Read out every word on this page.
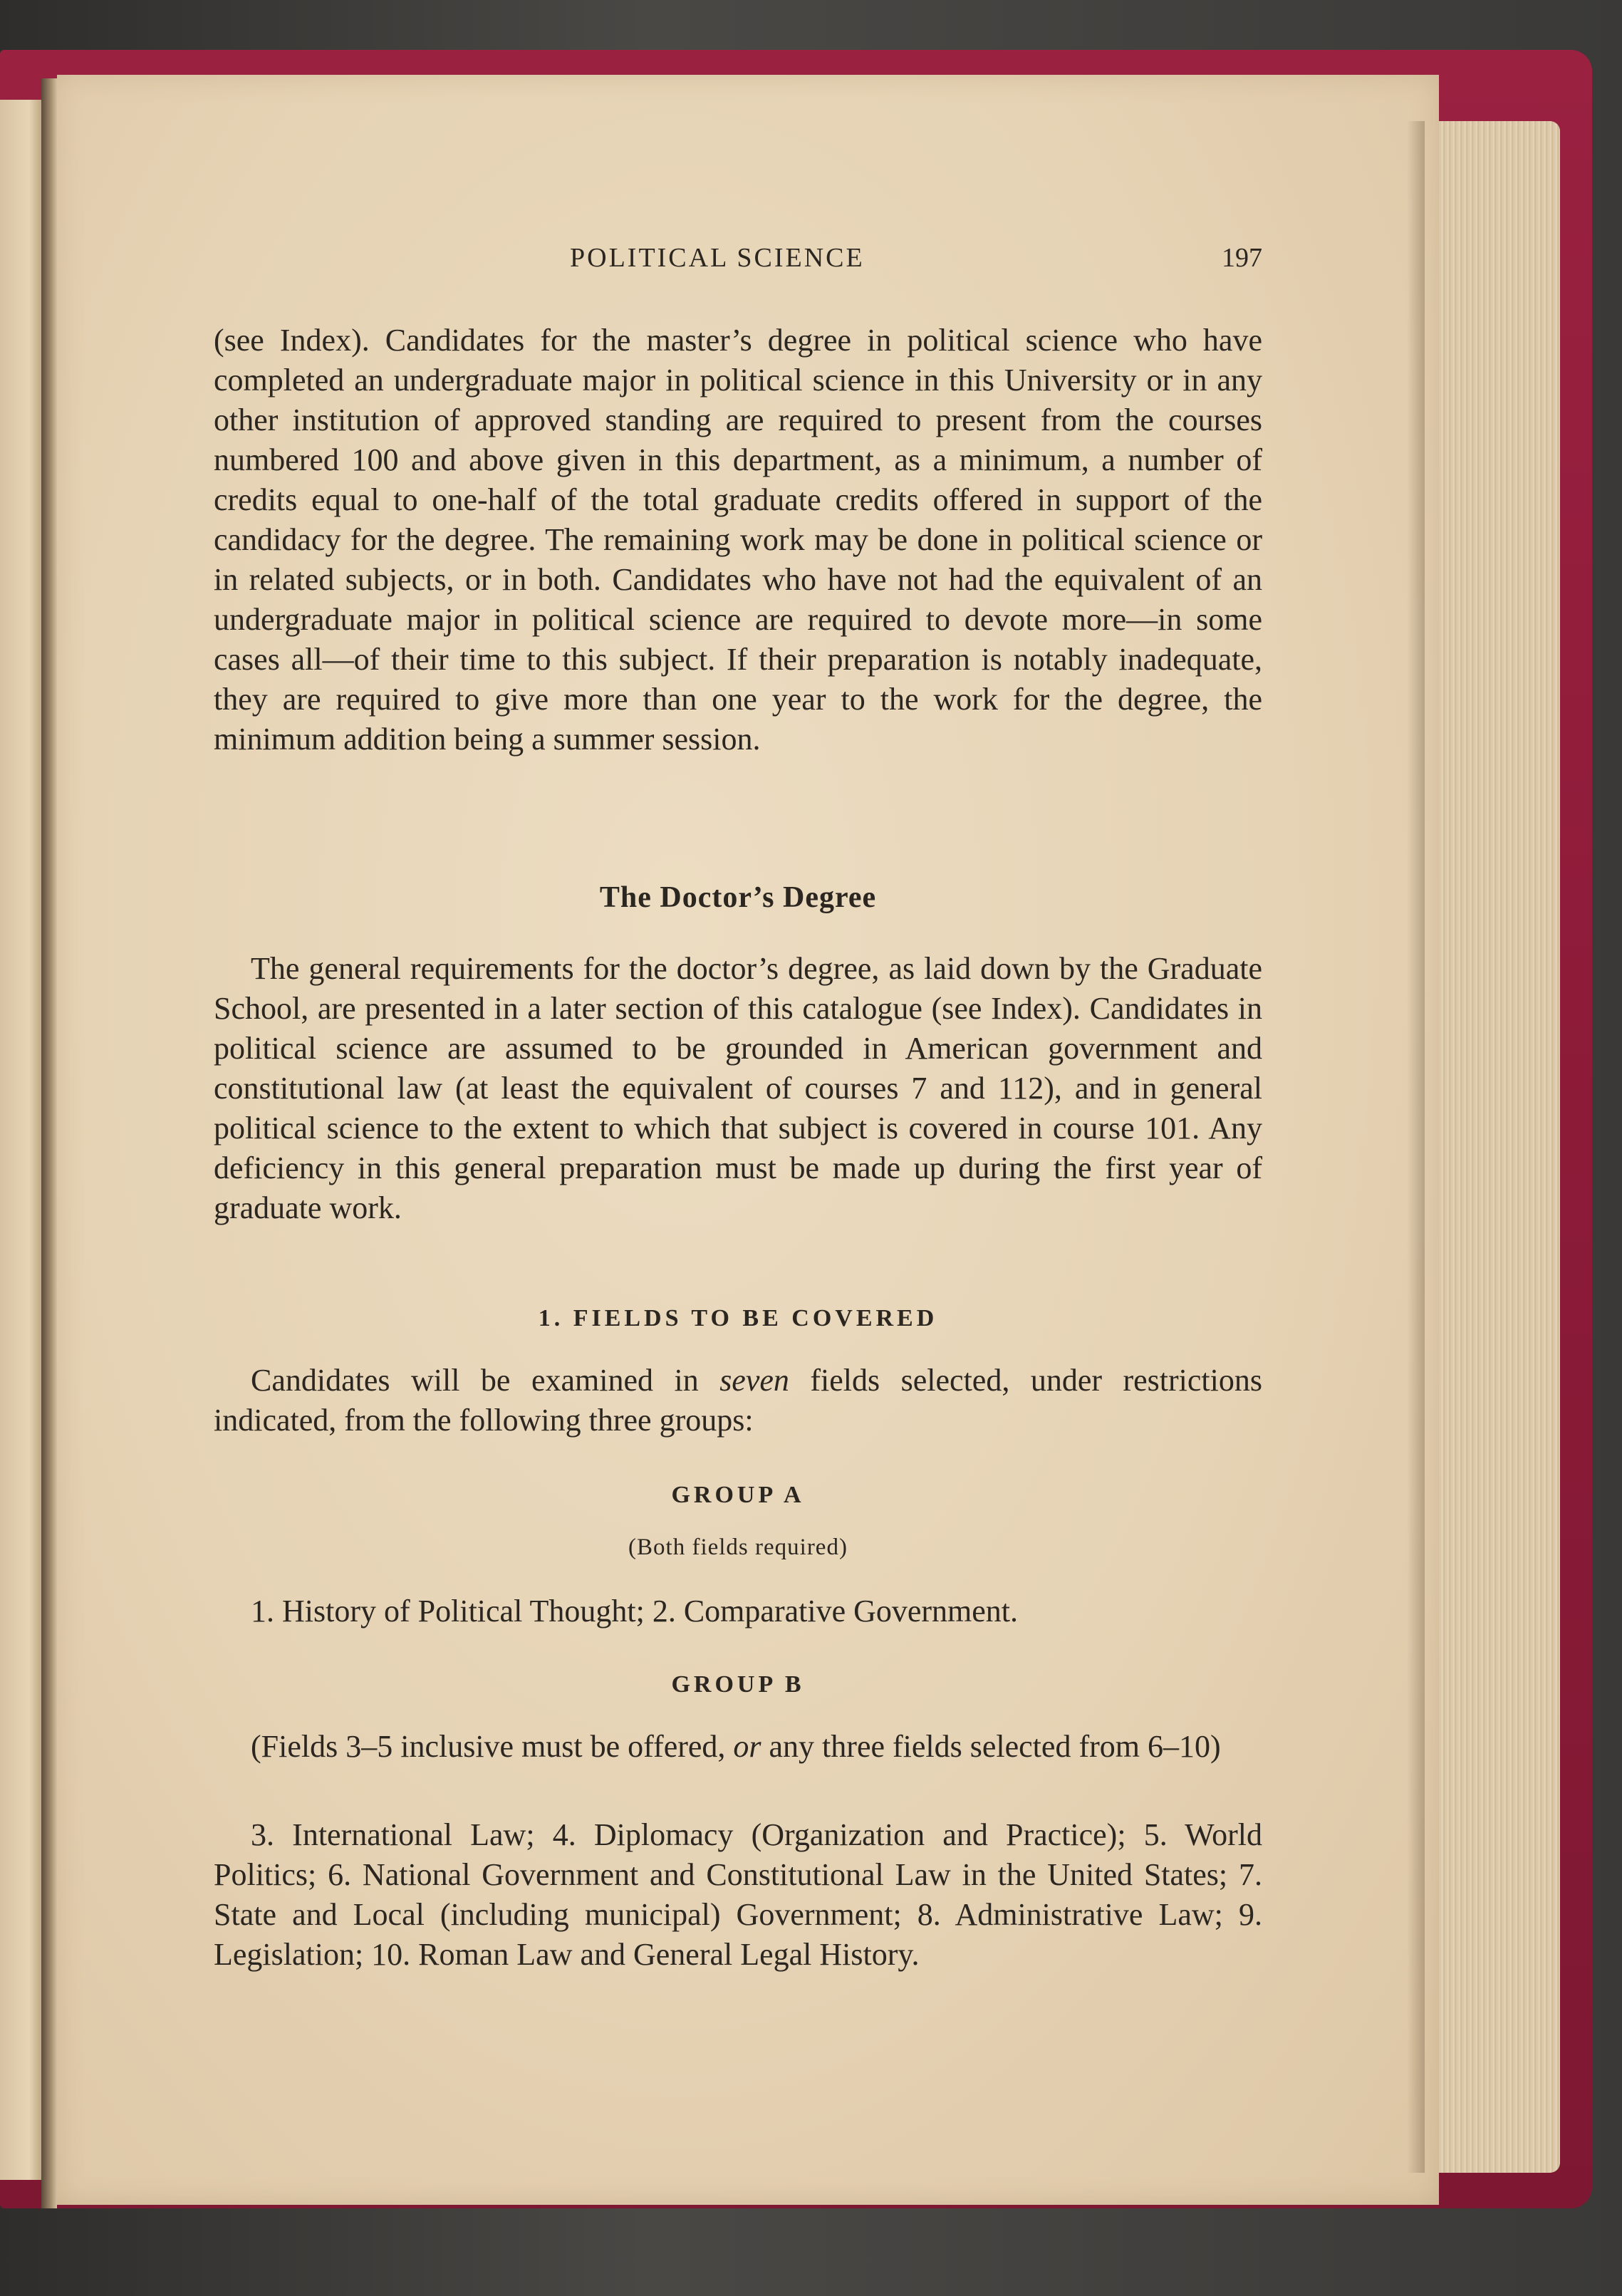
POLITICAL SCIENCE	197

(see Index). Candidates for the master’s degree in political science who have completed an undergraduate major in political science in this University or in any other institution of approved standing are required to present from the courses numbered 100 and above given in this department, as a minimum, a number of credits equal to one-half of the total graduate credits offered in support of the candidacy for the degree. The remaining work may be done in political science or in related subjects, or in both. Candidates who have not had the equivalent of an undergraduate major in political science are required to devote more—in some cases all—of their time to this subject. If their preparation is notably inadequate, they are required to give more than one year to the work for the degree, the minimum addition being a summer session.

The Doctor’s Degree

The general requirements for the doctor’s degree, as laid down by the Graduate School, are presented in a later section of this catalogue (see Index). Candidates in political science are assumed to be grounded in American government and constitutional law (at least the equivalent of courses 7 and 112), and in general political science to the extent to which that subject is covered in course 101. Any deficiency in this general preparation must be made up during the first year of graduate work.

1. FIELDS TO BE COVERED

Candidates will be examined in seven fields selected, under restrictions indicated, from the following three groups:

GROUP A
(Both fields required)

1. History of Political Thought; 2. Comparative Government.

GROUP B

(Fields 3–5 inclusive must be offered, or any three fields selected from 6–10)

3. International Law; 4. Diplomacy (Organization and Practice); 5. World Politics; 6. National Government and Constitutional Law in the United States; 7. State and Local (including municipal) Government; 8. Administrative Law; 9. Legislation; 10. Roman Law and General Legal History.
